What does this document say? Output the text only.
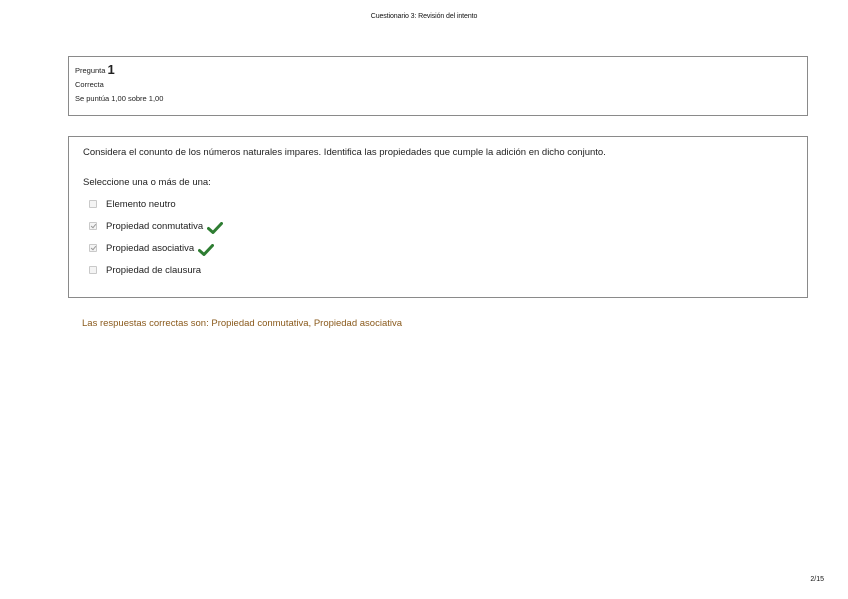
Cuestionario 3: Revisión del intento
Pregunta 1
Correcta
Se puntúa 1,00 sobre 1,00
Considera el conunto de los números naturales impares. Identifica las propiedades que cumple la adición en dicho conjunto.
Seleccione una o más de una:
Elemento neutro
Propiedad conmutativa
Propiedad asociativa
Propiedad de clausura
Las respuestas correctas son: Propiedad conmutativa, Propiedad asociativa
2/15
